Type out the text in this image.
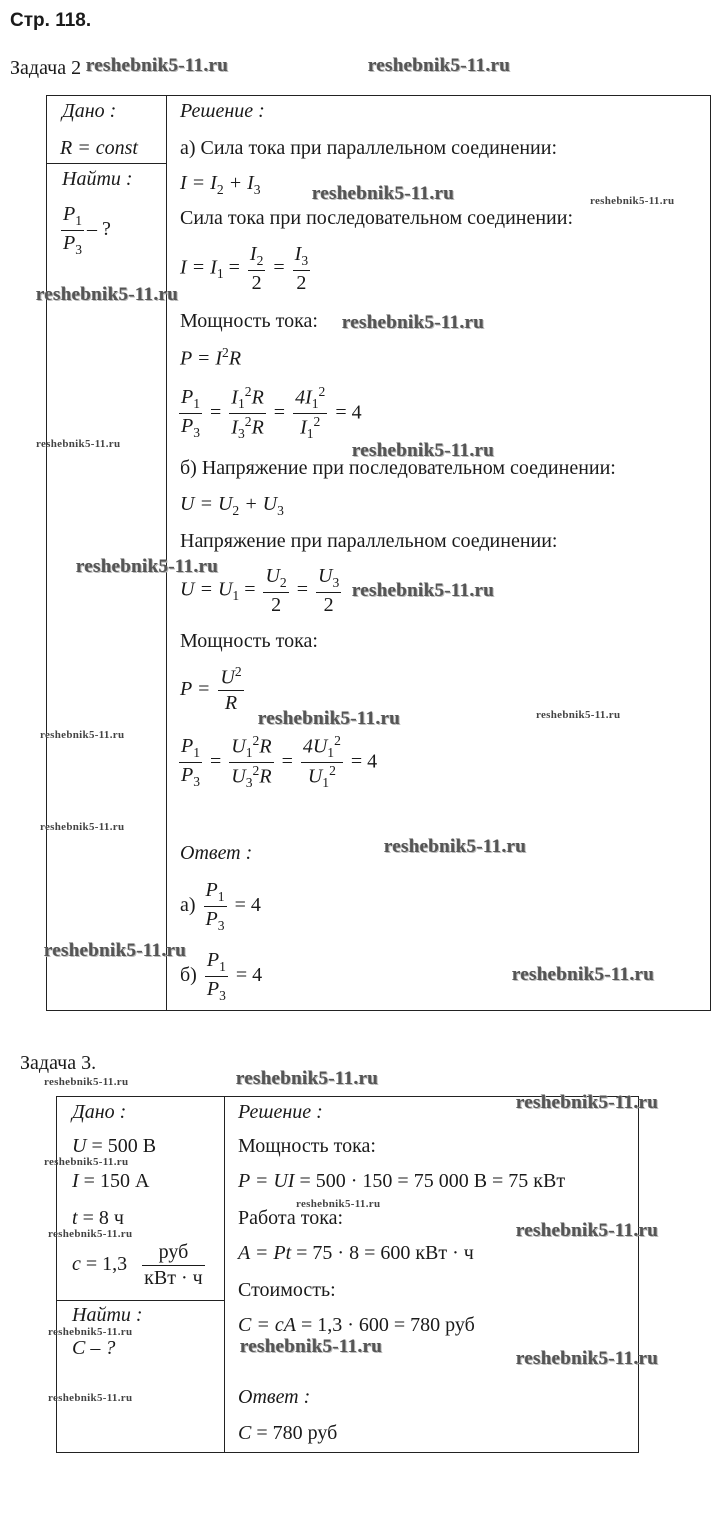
Стр. 118.
Задача 2
Дано :
R = const
Найти :
$\frac{P_1}{P_3}$ – ?
Решение :
а) Сила тока при параллельном соединении:
$I = I_2 + I_3$
Сила тока при последовательном соединении:
$I = I_1 = \frac{I_2}{2} = \frac{I_3}{2}$
Мощность тока:
$P = I^2R$
$\frac{P_1}{P_3} = \frac{I_1^2R}{I_3^2R} = \frac{4I_1^2}{I_1^2} = 4$
б) Напряжение при последовательном соединении:
$U = U_2 + U_3$
Напряжение при параллельном соединении:
$U = U_1 = \frac{U_2}{2} = \frac{U_3}{2}$
Мощность тока:
$P = \frac{U^2}{R}$
$\frac{P_1}{P_3} = \frac{U_1^2R}{U_3^2R} = \frac{4U_1^2}{U_1^2} = 4$
Ответ :
$а) \frac{P_1}{P_3} = 4$
$б) \frac{P_1}{P_3} = 4$
Задача 3.
Дано :
U = 500 В
I = 150 А
t = 8 ч
$c = 1,3 \frac{\text{руб}}{\text{кВт · ч}}$
Найти :
C – ?
Решение :
Мощность тока:
P = UI = 500 · 150 = 75 000 В = 75 кВт
Работа тока:
A = Pt = 75 · 8 = 600 кВт · ч
Стоимость:
C = cA = 1,3 · 600 = 780 руб
Ответ :
C = 780 руб
reshebnik5-11.ru	reshebnik5-11.ru
reshebnik5-11.ru	reshebnik5-11.ru
reshebnik5-11.ru
reshebnik5-11.ru
reshebnik5-11.ru	reshebnik5-11.ru
reshebnik5-11.ru
reshebnik5-11.ru
reshebnik5-11.ru	reshebnik5-11.ru
reshebnik5-11.ru
reshebnik5-11.ru
reshebnik5-11.ru
reshebnik5-11.ru
reshebnik5-11.ru
reshebnik5-11.ru	reshebnik5-11.ru
reshebnik5-11.ru
reshebnik5-11.ru
reshebnik5-11.ru
reshebnik5-11.ru	reshebnik5-11.ru
reshebnik5-11.ru
reshebnik5-11.ru
reshebnik5-11.ru
reshebnik5-11.ru
